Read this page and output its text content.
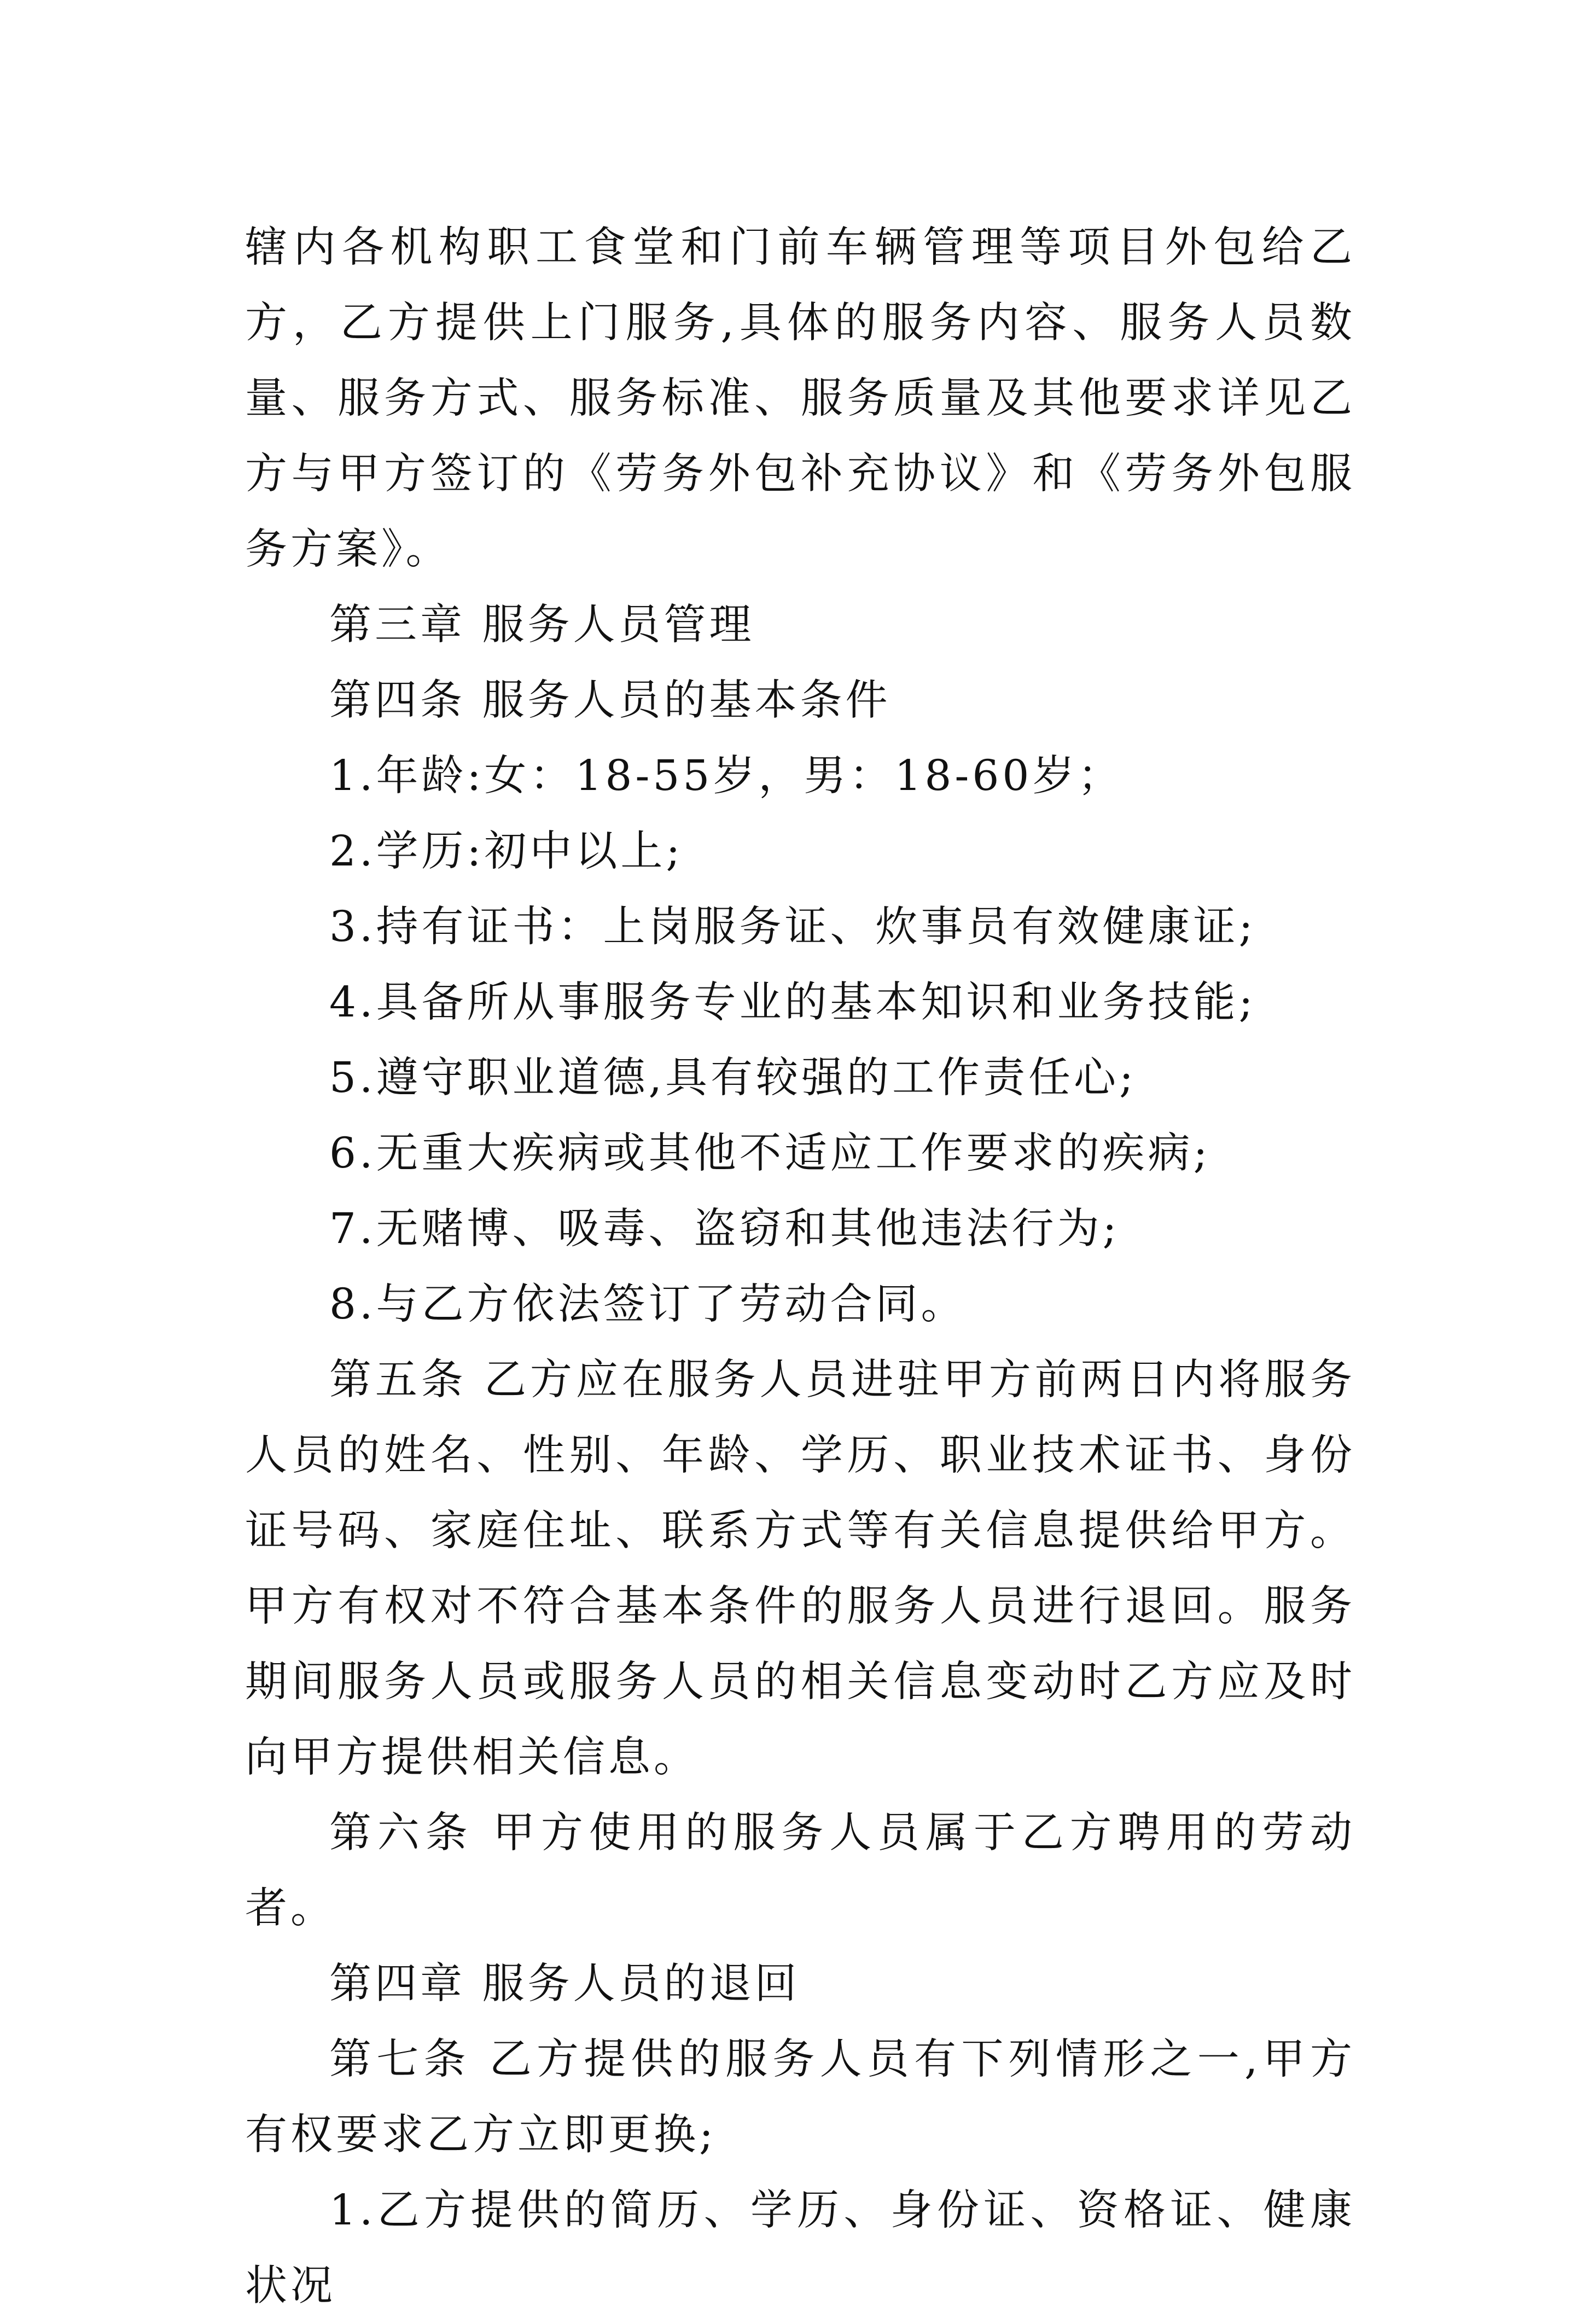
辖内各机构职工食堂和门前车辆管理等项目外包给乙方，乙方提供上门服务,具体的服务内容、服务人员数量、服务方式、服务标准、服务质量及其他要求详见乙方与甲方签订的《劳务外包补充协议》和《劳务外包服务方案》。

第三章 服务人员管理

第四条 服务人员的基本条件

1.年龄:女：18-55岁，男：18-60岁；

2.学历:初中以上;

3.持有证书：上岗服务证、炊事员有效健康证;

4.具备所从事服务专业的基本知识和业务技能;

5.遵守职业道德,具有较强的工作责任心;

6.无重大疾病或其他不适应工作要求的疾病;

7.无赌博、吸毒、盗窃和其他违法行为;

8.与乙方依法签订了劳动合同。

第五条 乙方应在服务人员进驻甲方前两日内将服务人员的姓名、性别、年龄、学历、职业技术证书、身份证号码、家庭住址、联系方式等有关信息提供给甲方。甲方有权对不符合基本条件的服务人员进行退回。服务期间服务人员或服务人员的相关信息变动时乙方应及时向甲方提供相关信息。

第六条 甲方使用的服务人员属于乙方聘用的劳动者。

第四章 服务人员的退回

第七条 乙方提供的服务人员有下列情形之一,甲方有权要求乙方立即更换;

1.乙方提供的简历、学历、身份证、资格证、健康状况
